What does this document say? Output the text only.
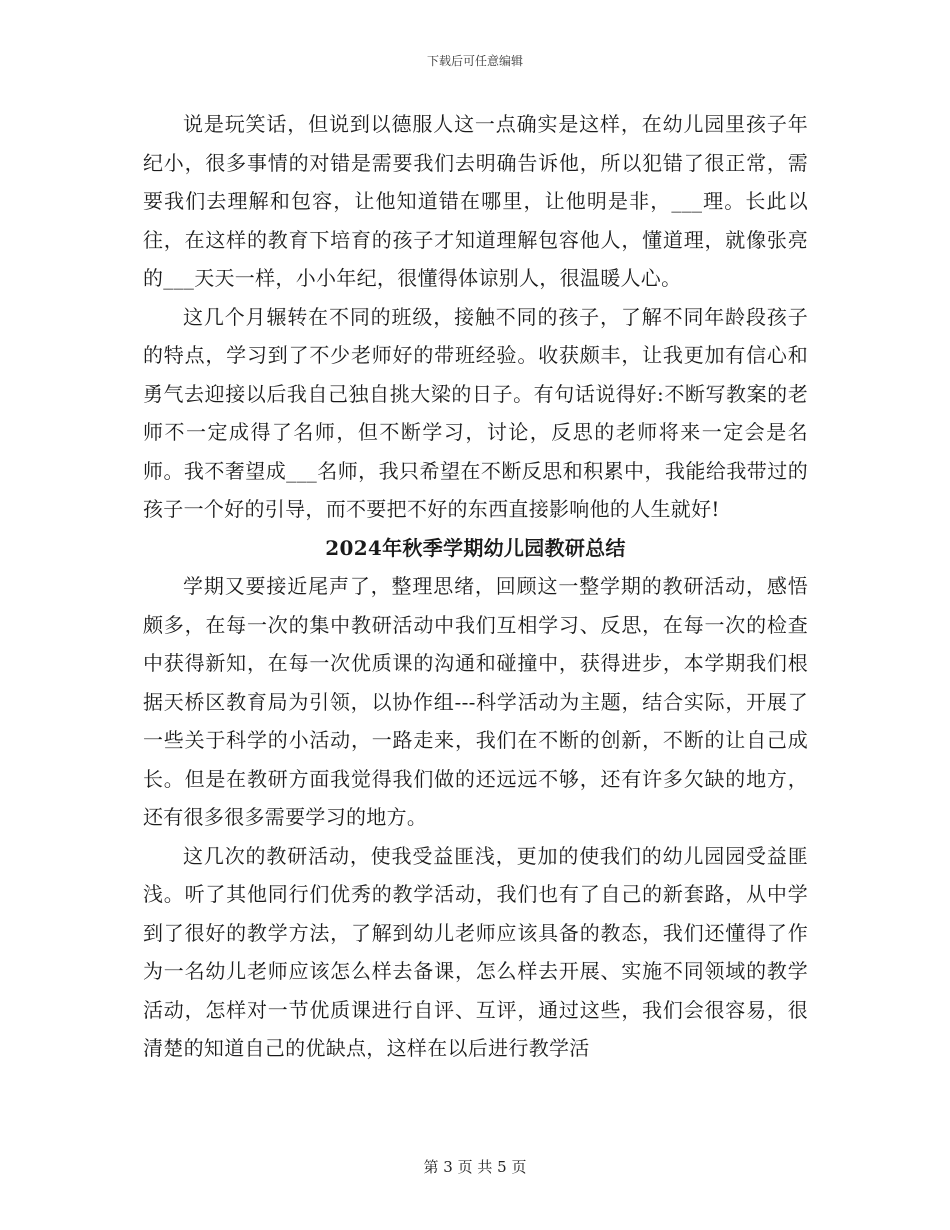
下载后可任意编辑

说是玩笑话，但说到以德服人这一点确实是这样，在幼儿园里孩子年纪小，很多事情的对错是需要我们去明确告诉他，所以犯错了很正常，需要我们去理解和包容，让他知道错在哪里，让他明是非，___理。长此以往，在这样的教育下培育的孩子才知道理解包容他人，懂道理，就像张亮的___天天一样，小小年纪，很懂得体谅别人，很温暖人心。

这几个月辗转在不同的班级，接触不同的孩子，了解不同年龄段孩子的特点，学习到了不少老师好的带班经验。收获颇丰，让我更加有信心和勇气去迎接以后我自己独自挑大梁的日子。有句话说得好:不断写教案的老师不一定成得了名师，但不断学习，讨论，反思的老师将来一定会是名师。我不奢望成___名师，我只希望在不断反思和积累中，我能给我带过的孩子一个好的引导，而不要把不好的东西直接影响他的人生就好!

2024年秋季学期幼儿园教研总结

学期又要接近尾声了，整理思绪，回顾这一整学期的教研活动，感悟颇多，在每一次的集中教研活动中我们互相学习、反思，在每一次的检查中获得新知，在每一次优质课的沟通和碰撞中，获得进步，本学期我们根据天桥区教育局为引领，以协作组---科学活动为主题，结合实际，开展了一些关于科学的小活动，一路走来，我们在不断的创新，不断的让自己成长。但是在教研方面我觉得我们做的还远远不够，还有许多欠缺的地方，还有很多很多需要学习的地方。

这几次的教研活动，使我受益匪浅，更加的使我们的幼儿园园受益匪浅。听了其他同行们优秀的教学活动，我们也有了自己的新套路，从中学到了很好的教学方法，了解到幼儿老师应该具备的教态，我们还懂得了作为一名幼儿老师应该怎么样去备课，怎么样去开展、实施不同领域的教学活动，怎样对一节优质课进行自评、互评，通过这些，我们会很容易，很清楚的知道自己的优缺点，这样在以后进行教学活

第 3 页 共 5 页
